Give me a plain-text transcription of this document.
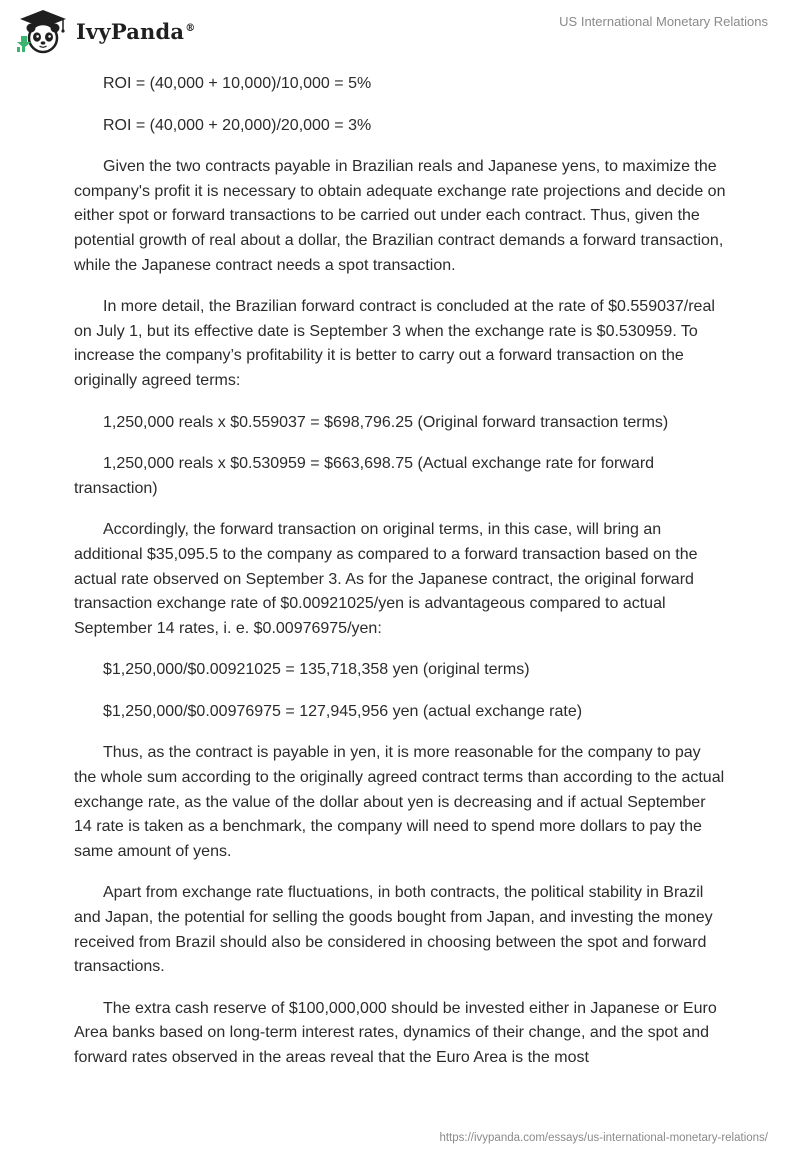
IvyPanda®	US International Monetary Relations

ROI = (40,000 + 10,000)/10,000 = 5%

ROI = (40,000 + 20,000)/20,000 = 3%

Given the two contracts payable in Brazilian reals and Japanese yens, to maximize the company's profit it is necessary to obtain adequate exchange rate projections and decide on either spot or forward transactions to be carried out under each contract. Thus, given the potential growth of real about a dollar, the Brazilian contract demands a forward transaction, while the Japanese contract needs a spot transaction.

In more detail, the Brazilian forward contract is concluded at the rate of $0.559037/real on July 1, but its effective date is September 3 when the exchange rate is $0.530959. To increase the company’s profitability it is better to carry out a forward transaction on the originally agreed terms:

1,250,000 reals x $0.559037 = $698,796.25 (Original forward transaction terms)

1,250,000 reals x $0.530959 = $663,698.75 (Actual exchange rate for forward transaction)

Accordingly, the forward transaction on original terms, in this case, will bring an additional $35,095.5 to the company as compared to a forward transaction based on the actual rate observed on September 3. As for the Japanese contract, the original forward transaction exchange rate of $0.00921025/yen is advantageous compared to actual September 14 rates, i. e. $0.00976975/yen:

$1,250,000/$0.00921025 = 135,718,358 yen (original terms)

$1,250,000/$0.00976975 = 127,945,956 yen (actual exchange rate)

Thus, as the contract is payable in yen, it is more reasonable for the company to pay the whole sum according to the originally agreed contract terms than according to the actual exchange rate, as the value of the dollar about yen is decreasing and if actual September 14 rate is taken as a benchmark, the company will need to spend more dollars to pay the same amount of yens.

Apart from exchange rate fluctuations, in both contracts, the political stability in Brazil and Japan, the potential for selling the goods bought from Japan, and investing the money received from Brazil should also be considered in choosing between the spot and forward transactions.

The extra cash reserve of $100,000,000 should be invested either in Japanese or Euro Area banks based on long-term interest rates, dynamics of their change, and the spot and forward rates observed in the areas reveal that the Euro Area is the most

https://ivypanda.com/essays/us-international-monetary-relations/
